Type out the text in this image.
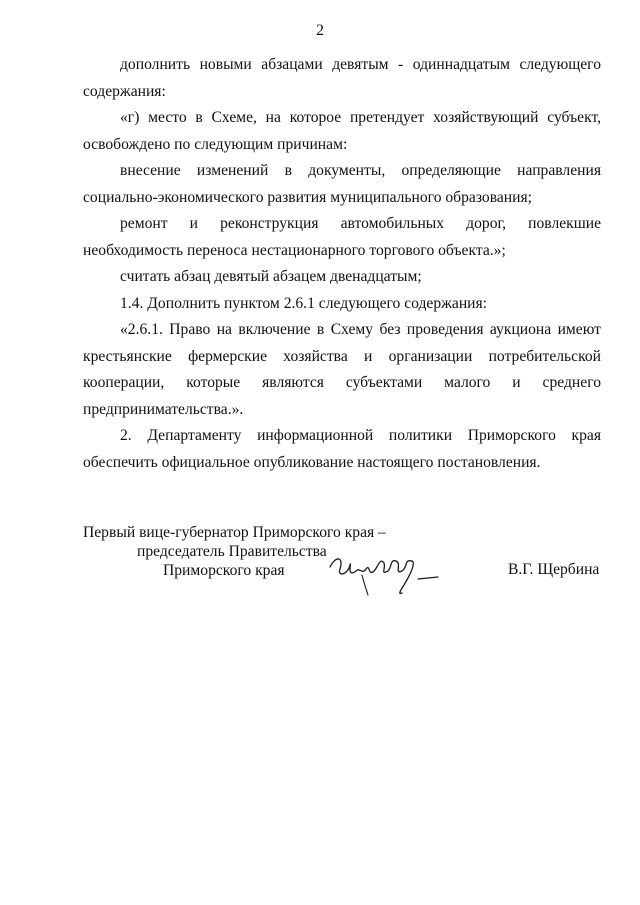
2

дополнить новыми абзацами девятым - одиннадцатым следующего содержания:

«г) место в Схеме, на которое претендует хозяйствующий субъект, освобождено по следующим причинам:

внесение изменений в документы, определяющие направления социально-экономического развития муниципального образования;

ремонт и реконструкция автомобильных дорог, повлекшие необходимость переноса нестационарного торгового объекта.»;

считать абзац девятый абзацем двенадцатым;

1.4. Дополнить пунктом 2.6.1 следующего содержания:

«2.6.1. Право на включение в Схему без проведения аукциона имеют крестьянские фермерские хозяйства и организации потребительской кооперации, которые являются субъектами малого и среднего предпринимательства.».

2. Департаменту информационной политики Приморского края обеспечить официальное опубликование настоящего постановления.

Первый вице-губернатор Приморского края –
председатель Правительства
Приморского края	В.Г. Щербина
